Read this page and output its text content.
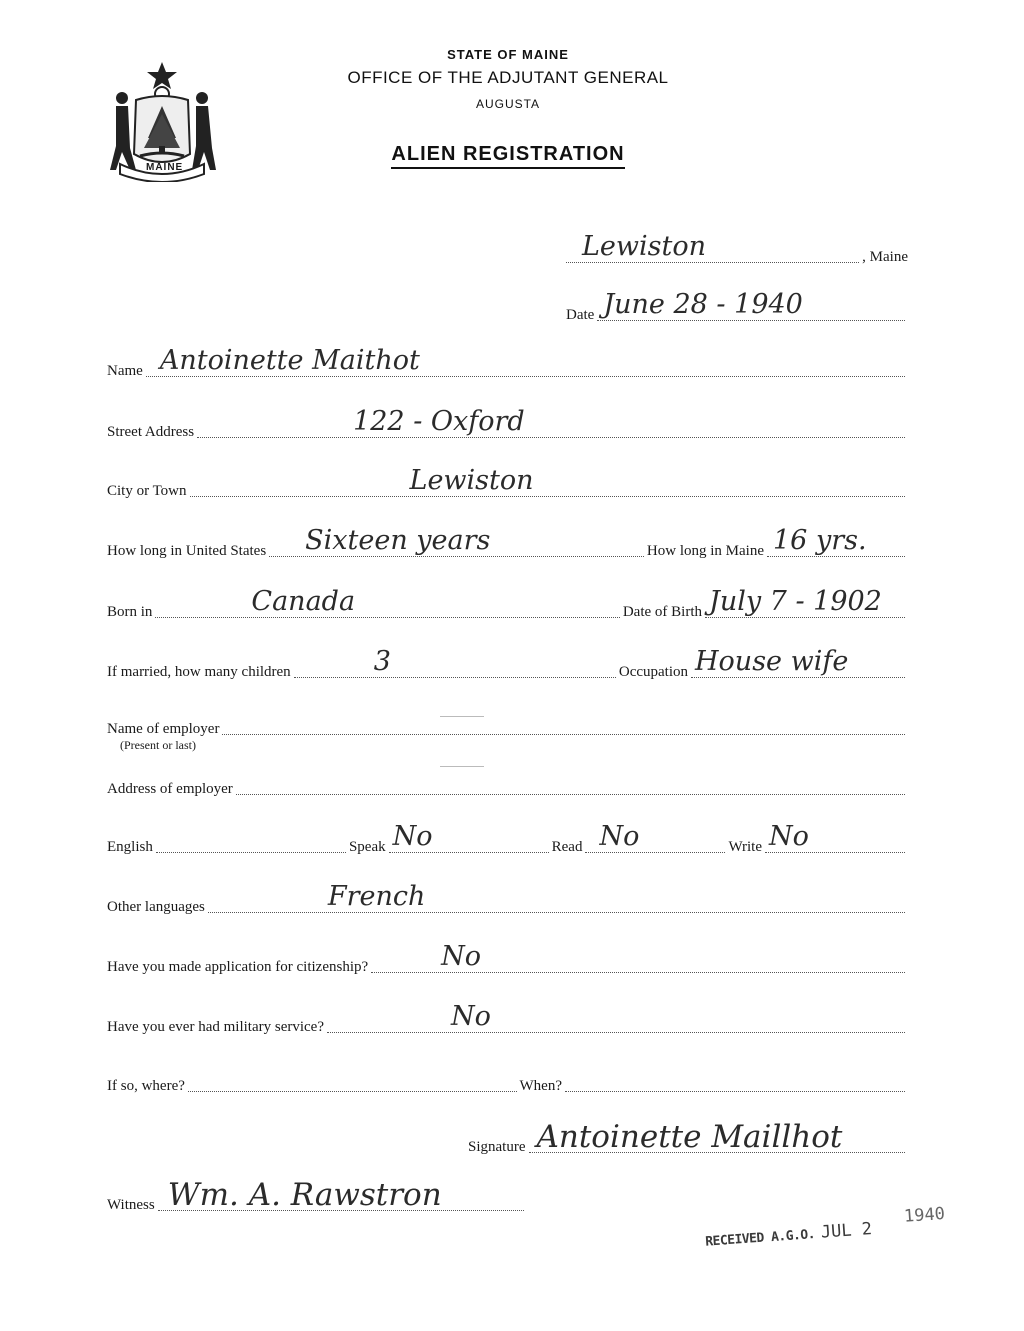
MAINE
STATE OF MAINE
OFFICE OF THE ADJUTANT GENERAL
AUGUSTA
ALIEN REGISTRATION
Lewiston	, Maine
Date June 28 - 1940
Name Antoinette Maithot
Street Address	122 - Oxford
City or Town	Lewiston
How long in United States Sixteen years	How long in Maine 16 yrs.
Born in	Canada	Date of Birth July 7 - 1902
If married, how many children	3	Occupation House wife
Name of employer
(Present or last)
Address of employer
English	Speak No	Read No	Write No
Other languages	French
Have you made application for citizenship?	No
Have you ever had military service?	No
If so, where?	When?
Signature Antoinette Maillhot
Witness Wm. A. Rawstron
RECEIVED A.G.O. JUL 2
1940
